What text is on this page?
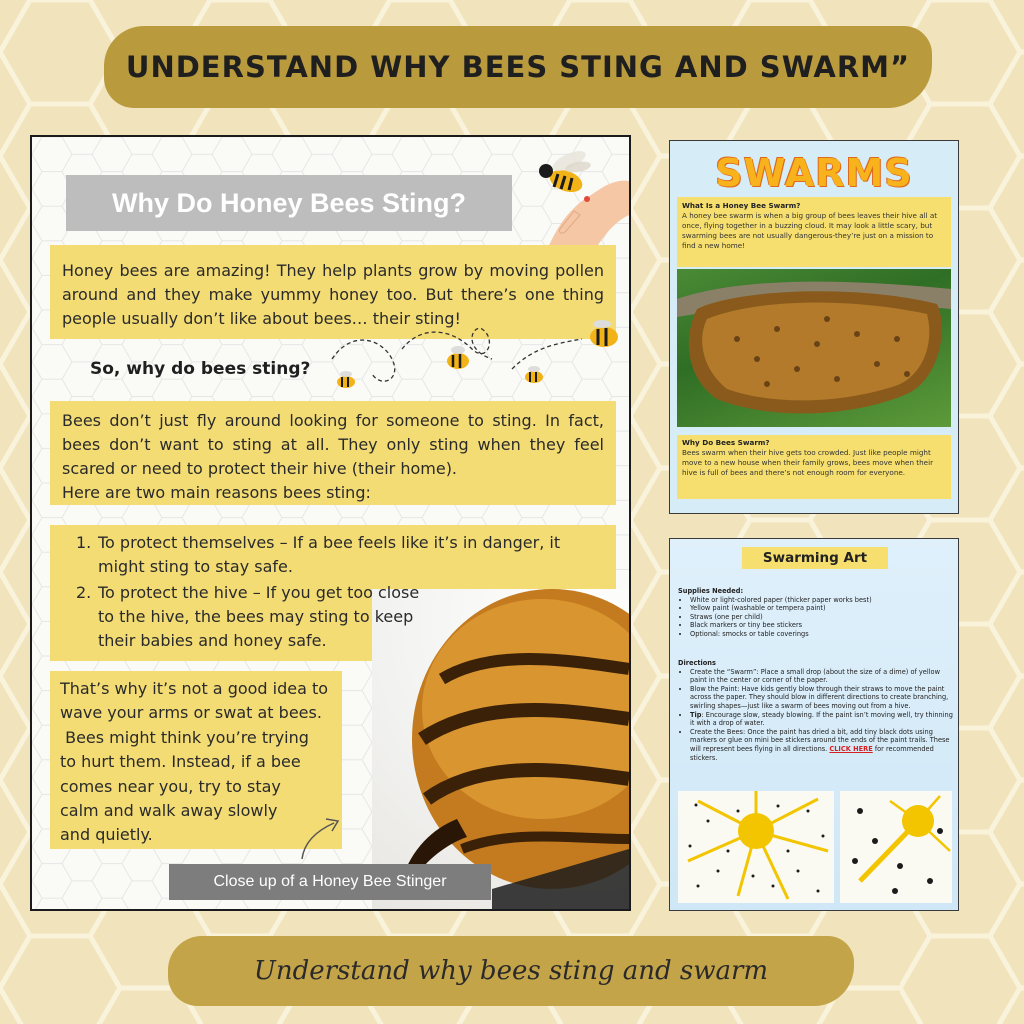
UNDERSTAND WHY BEES STING AND SWARM”
Why Do Honey Bees Sting?

Honey bees are amazing! They help plants grow by moving pollen around and they make yummy honey too. But there’s one thing people usually don’t like about bees… their sting!

So, why do bees sting?

Bees don’t just fly around looking for someone to sting. In fact, bees don’t want to sting at all. They only sting when they feel scared or need to protect their hive (their home).

Here are two main reasons bees sting:

1. To protect themselves – If a bee feels like it’s in danger, it
might sting to stay safe.
2. To protect the hive – If you get too close
to the hive, the bees may sting to keep
their babies and honey safe.
That’s why it’s not a good idea to
wave your arms or swat at bees.
Bees might think you’re trying
to hurt them. Instead, if a bee
comes near you, try to stay
calm and walk away slowly
and quietly.
Close up of a Honey Bee Stinger
SWARMS
What Is a Honey Bee Swarm?
A honey bee swarm is when a big group of bees leaves their hive all at once, flying together in a buzzing cloud. It may look a little scary, but swarming bees are not usually dangerous-they’re just on a mission to find a new home!
Why Do Bees Swarm?
Bees swarm when their hive gets too crowded. Just like people might move to a new house when their family grows, bees move when their hive is full of bees and there’s not enough room for everyone.
Swarming Art
Supplies Needed:
• White or light-colored paper (thicker paper works best)
• Yellow paint (washable or tempera paint)
• Straws (one per child)
• Black markers or tiny bee stickers
• Optional: smocks or table coverings
Directions
• Create the “Swarm”: Place a small drop (about the size of a dime) of yellow paint in the center or corner of the paper.
• Blow the Paint: Have kids gently blow through their straws to move the paint across the paper. They should blow in different directions to create branching, swirling shapes—just like a swarm of bees moving out from a hive.
• Tip: Encourage slow, steady blowing. If the paint isn’t moving well, try thinning it with a drop of water.
• Create the Bees: Once the paint has dried a bit, add tiny black dots using markers or glue on mini bee stickers around the ends of the paint trails. These will represent bees flying in all directions. CLICK HERE for recommended stickers.
Understand why bees sting and swarm
